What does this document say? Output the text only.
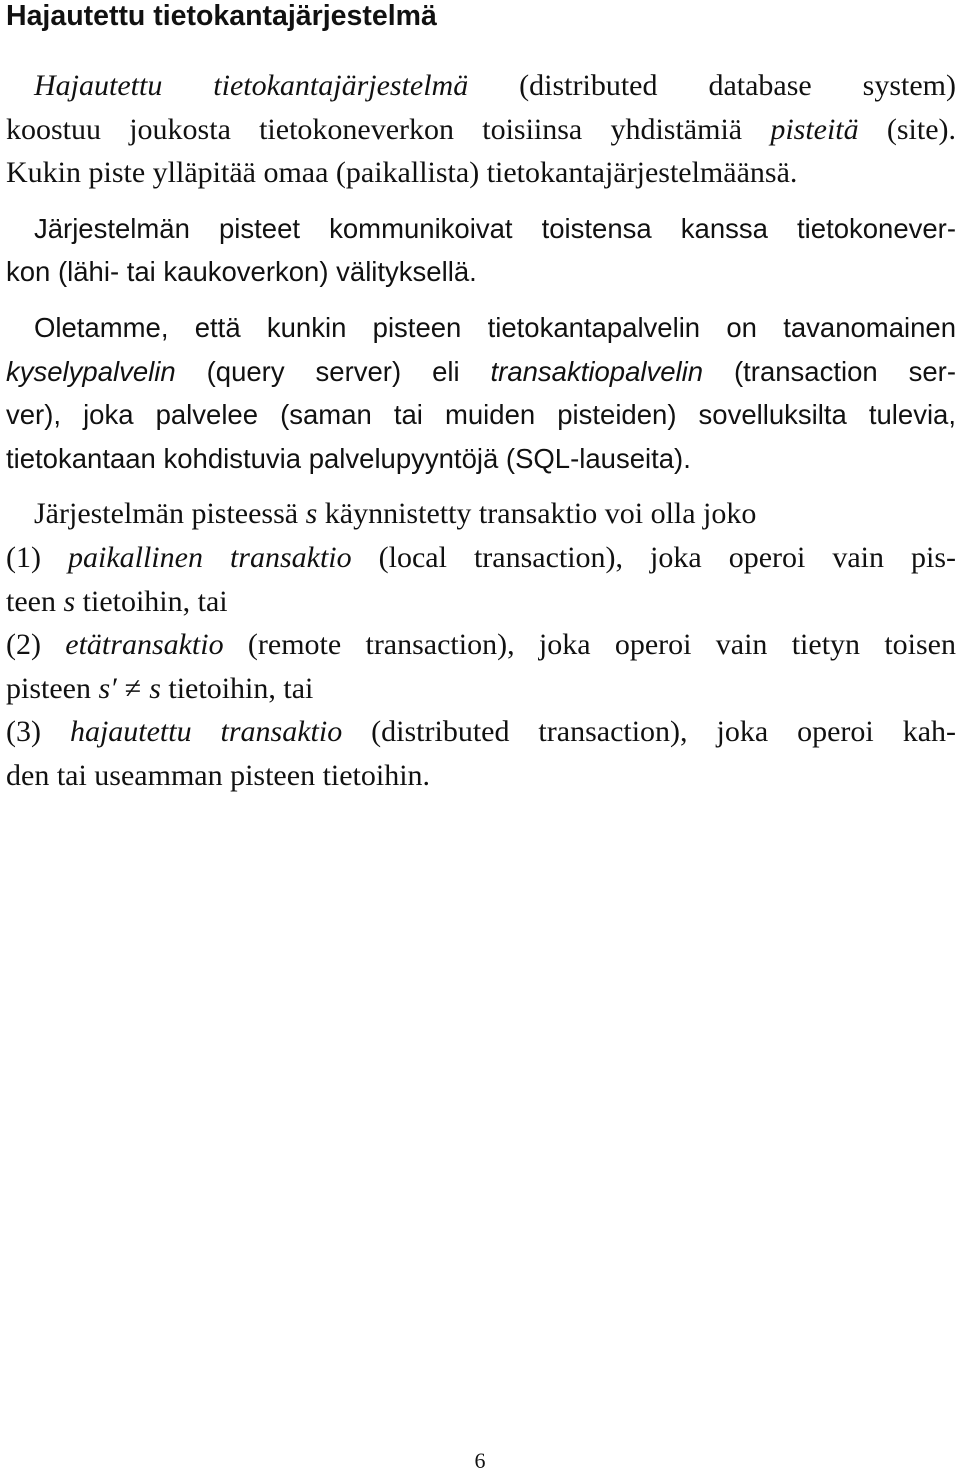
Hajautettu tietokantajärjestelmä

Hajautettu tietokantajärjestelmä (distributed database system)
koostuu joukosta tietokoneverkon toisiinsa yhdistämiä pisteitä (site).
Kukin piste ylläpitää omaa (paikallista) tietokantajärjestelmäänsä.

Järjestelmän pisteet kommunikoivat toistensa kanssa tietokonever-
kon (lähi- tai kaukoverkon) välityksellä.

Oletamme, että kunkin pisteen tietokantapalvelin on tavanomainen
kyselypalvelin (query server) eli transaktiopalvelin (transaction ser-
ver), joka palvelee (saman tai muiden pisteiden) sovelluksilta tulevia,
tietokantaan kohdistuvia palvelupyyntöjä (SQL-lauseita).

Järjestelmän pisteessä s käynnistetty transaktio voi olla joko
(1) paikallinen transaktio (local transaction), joka operoi vain pis-
teen s tietoihin, tai
(2) etätransaktio (remote transaction), joka operoi vain tietyn toisen
pisteen s′ ≠ s tietoihin, tai
(3) hajautettu transaktio (distributed transaction), joka operoi kah-
den tai useamman pisteen tietoihin.

6
